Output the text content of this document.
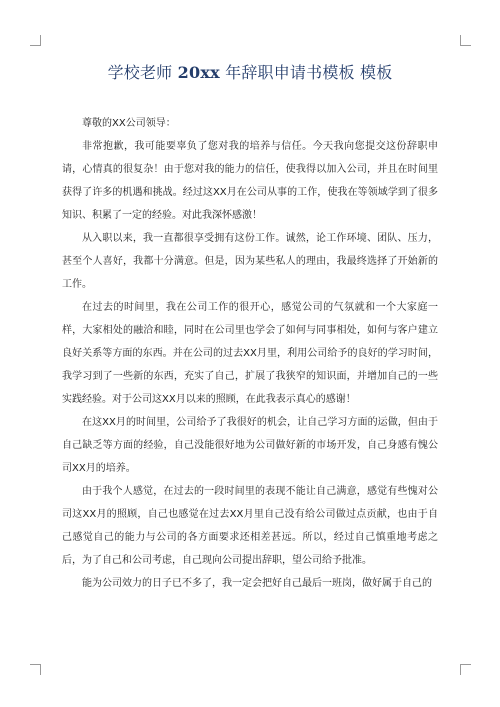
学校老师 20xx 年辞职申请书模板 模板

尊敬的XX公司领导：

非常抱歉，我可能要辜负了您对我的培养与信任。今天我向您提交这份辞职申请，心情真的很复杂！由于您对我的能力的信任，使我得以加入公司，并且在时间里获得了许多的机遇和挑战。经过这XX月在公司从事的工作，使我在等领域学到了很多知识、积累了一定的经验。对此我深怀感激！

从入职以来，我一直都很享受拥有这份工作。诚然，论工作环境、团队、压力，甚至个人喜好，我都十分满意。但是，因为某些私人的理由，我最终选择了开始新的工作。

在过去的时间里，我在公司工作的很开心，感觉公司的气氛就和一个大家庭一样，大家相处的融洽和睦，同时在公司里也学会了如何与同事相处，如何与客户建立良好关系等方面的东西。并在公司的过去XX月里，利用公司给予的良好的学习时间，我学习到了一些新的东西，充实了自己，扩展了我狭窄的知识面，并增加自己的一些实践经验。对于公司这XX月以来的照顾，在此我表示真心的感谢！

在这XX月的时间里，公司给予了我很好的机会，让自己学习方面的运做，但由于自己缺乏等方面的经验，自己没能很好地为公司做好新的市场开发，自己身感有愧公司XX月的培养。

由于我个人感觉，在过去的一段时间里的表现不能让自己满意，感觉有些愧对公司这XX月的照顾，自己也感觉在过去XX月里自己没有给公司做过点贡献，也由于自己感觉自己的能力与公司的各方面要求还相差甚远。所以，经过自己慎重地考虑之后，为了自己和公司考虑，自己现向公司提出辞职，望公司给予批准。

能为公司效力的日子已不多了，我一定会把好自己最后一班岗，做好属于自己的
